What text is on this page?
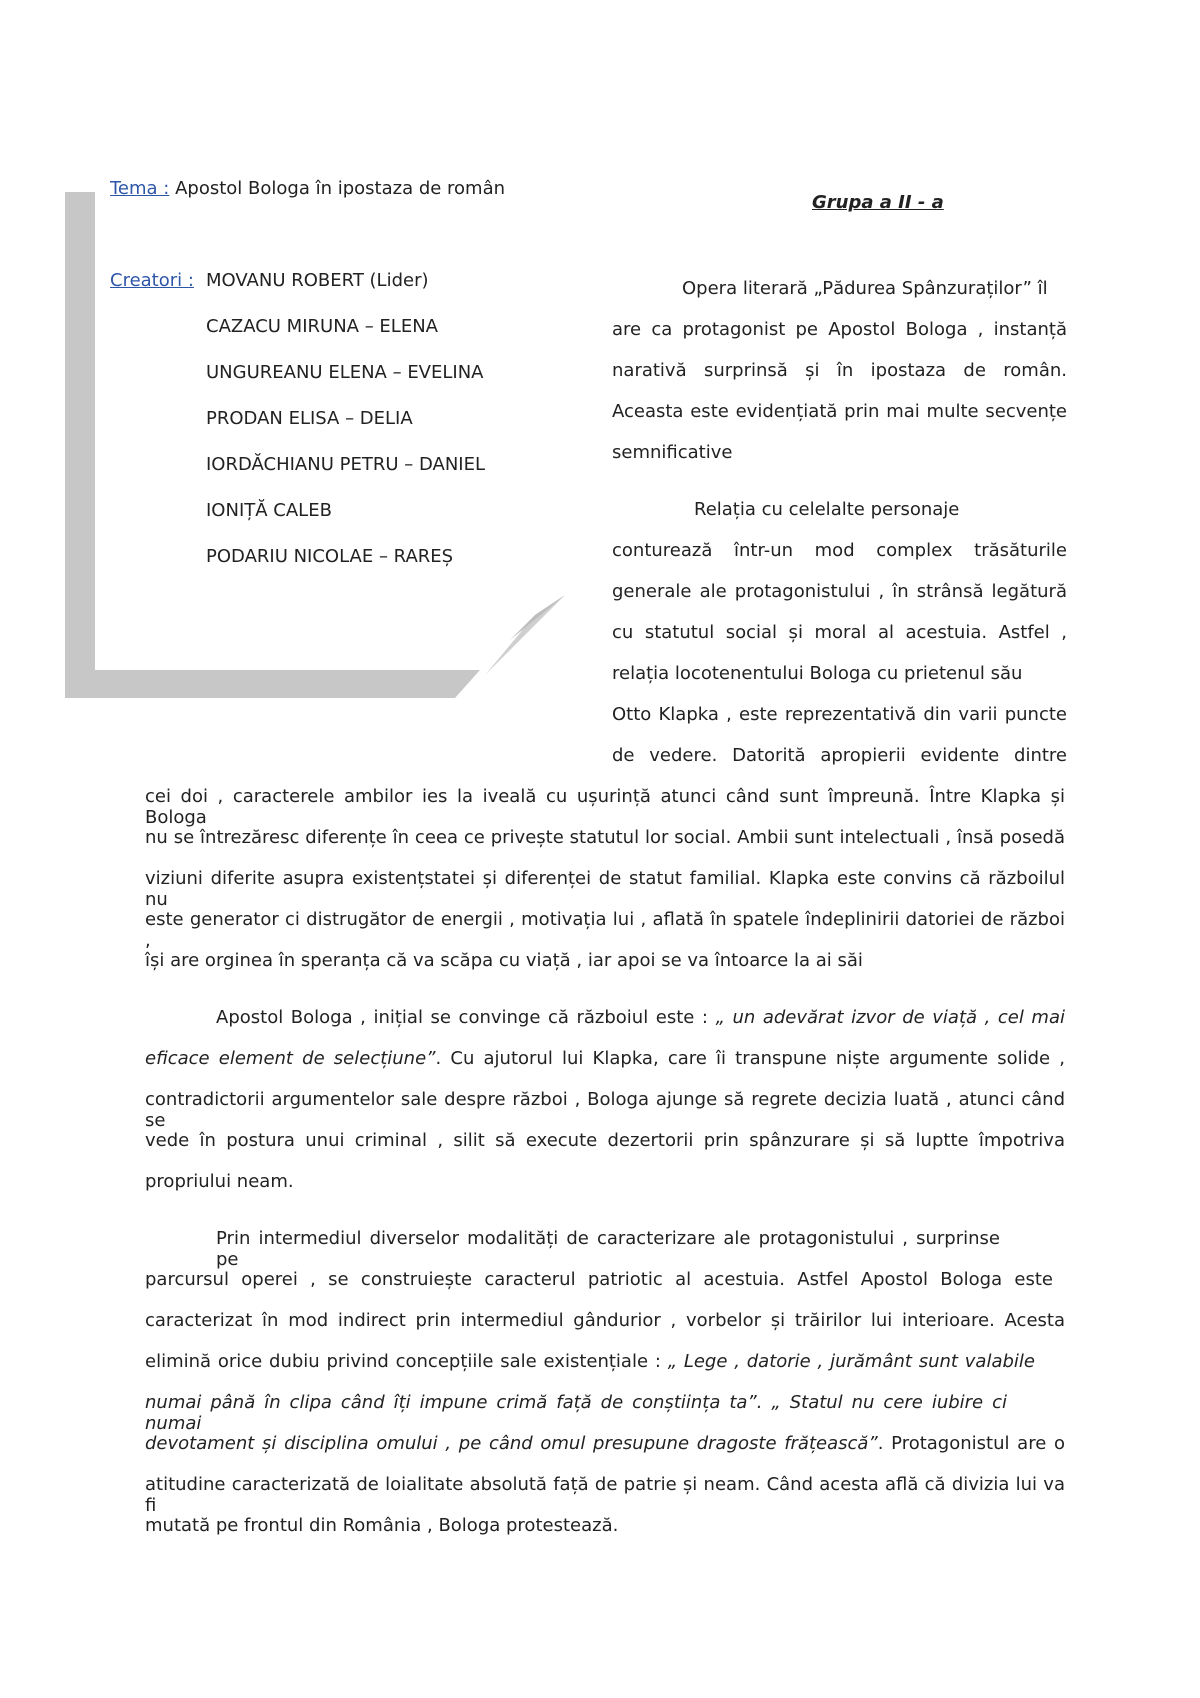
Tema : Apostol Bologa în ipostaza de român
Grupa a II - a
Creatori : MOVANU ROBERT (Lider)
CAZACU MIRUNA – ELENA
UNGUREANU ELENA – EVELINA
PRODAN ELISA – DELIA
IORDĂCHIANU PETRU – DANIEL
IONIȚĂ CALEB
PODARIU NICOLAE – RAREȘ
Opera literară „Pădurea Spânzuraților” îl
are ca protagonist pe Apostol Bologa , instanță
narativă surprinsă și în ipostaza de român.
Aceasta este evidențiată prin mai multe secvențe
semnificative
Relația cu celelalte personaje
conturează într-un mod complex trăsăturile
generale ale protagonistului , în strânsă legătură
cu statutul social și moral al acestuia. Astfel ,
relația locotenentului Bologa cu prietenul său
Otto Klapka , este reprezentativă din varii puncte
de vedere. Datorită apropierii evidente dintre
cei doi , caracterele ambilor ies la iveală cu ușurință atunci când sunt împreună. Între Klapka și Bologa
nu se întrezăresc diferențe în ceea ce privește statutul lor social. Ambii sunt intelectuali , însă posedă
viziuni diferite asupra existențstatei și diferenței de statut familial. Klapka este convins că războilul nu
este generator ci distrugător de energii , motivația lui , aflată în spatele îndeplinirii datoriei de război ,
își are orginea în speranța că va scăpa cu viață , iar apoi se va întoarce la ai săi
Apostol Bologa , inițial se convinge că războiul este : „ un adevărat izvor de viață , cel mai
eficace element de selecțiune”. Cu ajutorul lui Klapka, care îi transpune niște argumente solide ,
contradictorii argumentelor sale despre război , Bologa ajunge să regrete decizia luată , atunci când se
vede în postura unui criminal , silit să execute dezertorii prin spânzurare și să luptte împotriva
propriului neam.
Prin intermediul diverselor modalități de caracterizare ale protagonistului , surprinse pe
parcursul operei , se construiește caracterul patriotic al acestuia. Astfel Apostol Bologa este
caracterizat în mod indirect prin intermediul gândurior , vorbelor și trăirilor lui interioare. Acesta
elimină orice dubiu privind concepțiile sale existențiale : „ Lege , datorie , jurământ sunt valabile
numai până în clipa când îți impune crimă față de conștiința ta”. „ Statul nu cere iubire ci numai
devotament și disciplina omului , pe când omul presupune dragoste frățească”. Protagonistul are o
atitudine caracterizată de loialitate absolută față de patrie și neam. Când acesta află că divizia lui va fi
mutată pe frontul din România , Bologa protestează.
